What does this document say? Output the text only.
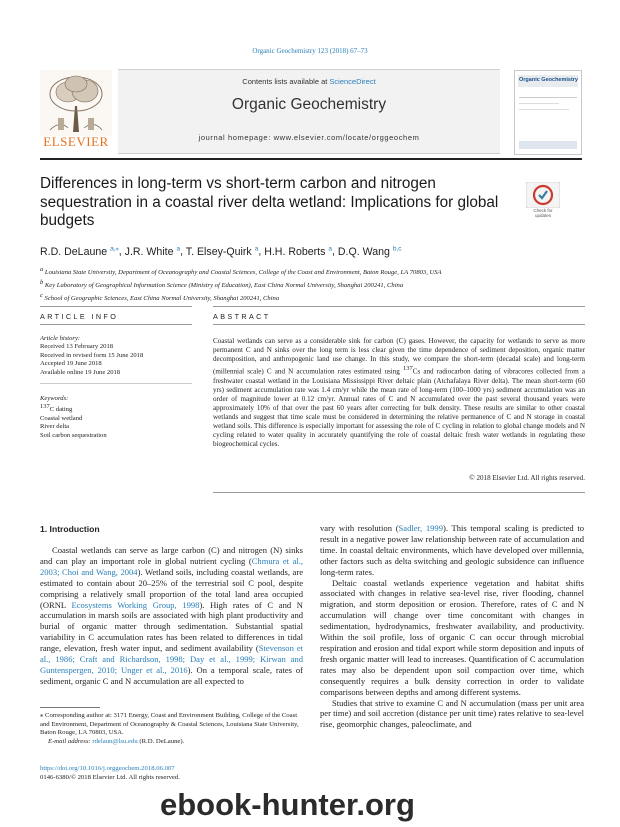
Organic Geochemistry 123 (2018) 67–73
ELSEVIER
Contents lists available at ScienceDirect
Organic Geochemistry
journal homepage: www.elsevier.com/locate/orggeochem
Organic Geochemistry
Differences in long-term vs short-term carbon and nitrogen sequestration in a coastal river delta wetland: Implications for global budgets
Check for updates
R.D. DeLaune $^{a,⁎}$, J.R. White $^a$, T. Elsey-Quirk $^a$, H.H. Roberts $^a$, D.Q. Wang $^{b,c}$
$^a$ Louisiana State University, Department of Oceanography and Coastal Sciences, College of the Coast and Environment, Baton Rouge, LA 70803, USA
$^b$ Key Laboratory of Geographical Information Science (Ministry of Education), East China Normal University, Shanghai 200241, China
$^c$ School of Geographic Sciences, East China Normal University, Shanghai 200241, China
ARTICLE INFO	ABSTRACT
Article history:
Received 13 February 2018
Received in revised form 15 June 2018
Accepted 19 June 2018
Available online 19 June 2018
Keywords:
$^{137}$C dating
Coastal wetland
River delta
Soil carbon sequestration

Coastal wetlands can serve as a considerable sink for carbon (C) gases. However, the capacity for wetlands to serve as more permanent C and N sinks over the long term is less clear given the time dependence of sediment deposition, organic matter decomposition, and anthropogenic land use change. In this study, we compare the short-term (decadal scale) and long-term (millennial scale) C and N accumulation rates estimated using $^{137}$Cs and radiocarbon dating of vibracores collected from a freshwater coastal wetland in the Louisiana Mississippi River deltaic plain (Atchafalaya River delta). The mean short-term (60 yrs) sediment accumulation rate was 1.4 cm/yr while the mean rate of long-term (100–1000 yrs) sediment accumulation was an order of magnitude lower at 0.12 cm/yr. Annual rates of C and N accumulated over the past several thousand years were approximately 10% of that over the past 60 years after correcting for bulk density. These results are similar to other coastal wetlands and suggest that time scale must be considered in determining the relative permanence of C and N storage in coastal wetland soils. This difference is especially important for assessing the role of C cycling in relation to global change models and N cycling related to water quality in accurately quantifying the role of coastal deltaic fresh water wetlands in regulating these biogeochemical cycles.

© 2018 Elsevier Ltd. All rights reserved.
1. Introduction

Coastal wetlands can serve as large carbon (C) and nitrogen (N) sinks and can play an important role in global nutrient cycling (Chmura et al., 2003; Choi and Wang, 2004). Wetland soils, including coastal wetlands, are estimated to contain about 20–25% of the terrestrial soil C pool, despite comprising a relatively small proportion of the total land area occupied (ORNL Ecosystems Working Group, 1998). High rates of C and N accumulation in marsh soils are associated with high plant productivity and burial of organic matter through sedimentation. Substantial spatial variability in C accumulation rates has been related to differences in tidal range, elevation, fresh water input, and sediment availability (Stevenson et al., 1986; Craft and Richardson, 1998; Day et al., 1999; Kirwan and Guntenspergen, 2010; Unger et al., 2016). On a temporal scale, rates of sediment, organic C and N accumulation are all expected to

vary with resolution (Sadler, 1999). This temporal scaling is predicted to result in a negative power law relationship between rate of accumulation and time. In coastal deltaic environments, which have developed over millennia, other factors such as delta switching and geologic subsidence can influence long-term rates.

Deltaic coastal wetlands experience vegetation and habitat shifts associated with changes in relative sea-level rise, river flooding, channel migration, and storm deposition or erosion. Therefore, rates of C and N accumulation will change over time concomitant with changes in sedimentation, hydrodynamics, freshwater availability, and productivity. Within the soil profile, loss of organic C can occur through microbial respiration and erosion and tidal export while storm deposition and inputs of fresh organic matter will lead to increases. Quantification of C accumulation rates may also be dependent upon soil compaction over time, which consequently requires a bulk density correction in order to validate comparisons between depths and among different systems.

Studies that strive to examine C and N accumulation (mass per unit area per time) and soil accretion (distance per unit time) rates relative to sea-level rise, geomorphic changes, paleoclimate, and

⁎ Corresponding author at: 3171 Energy, Coast and Environment Building, College of the Coast and Environment, Department of Oceanography & Coastal Sciences, Louisiana State University, Baton Rouge, LA 70803, USA.

E-mail address: rdelaun@lsu.edu (R.D. DeLaune).

https://doi.org/10.1016/j.orggeochem.2018.06.007
0146-6380/© 2018 Elsevier Ltd. All rights reserved.
ebook-hunter.org
